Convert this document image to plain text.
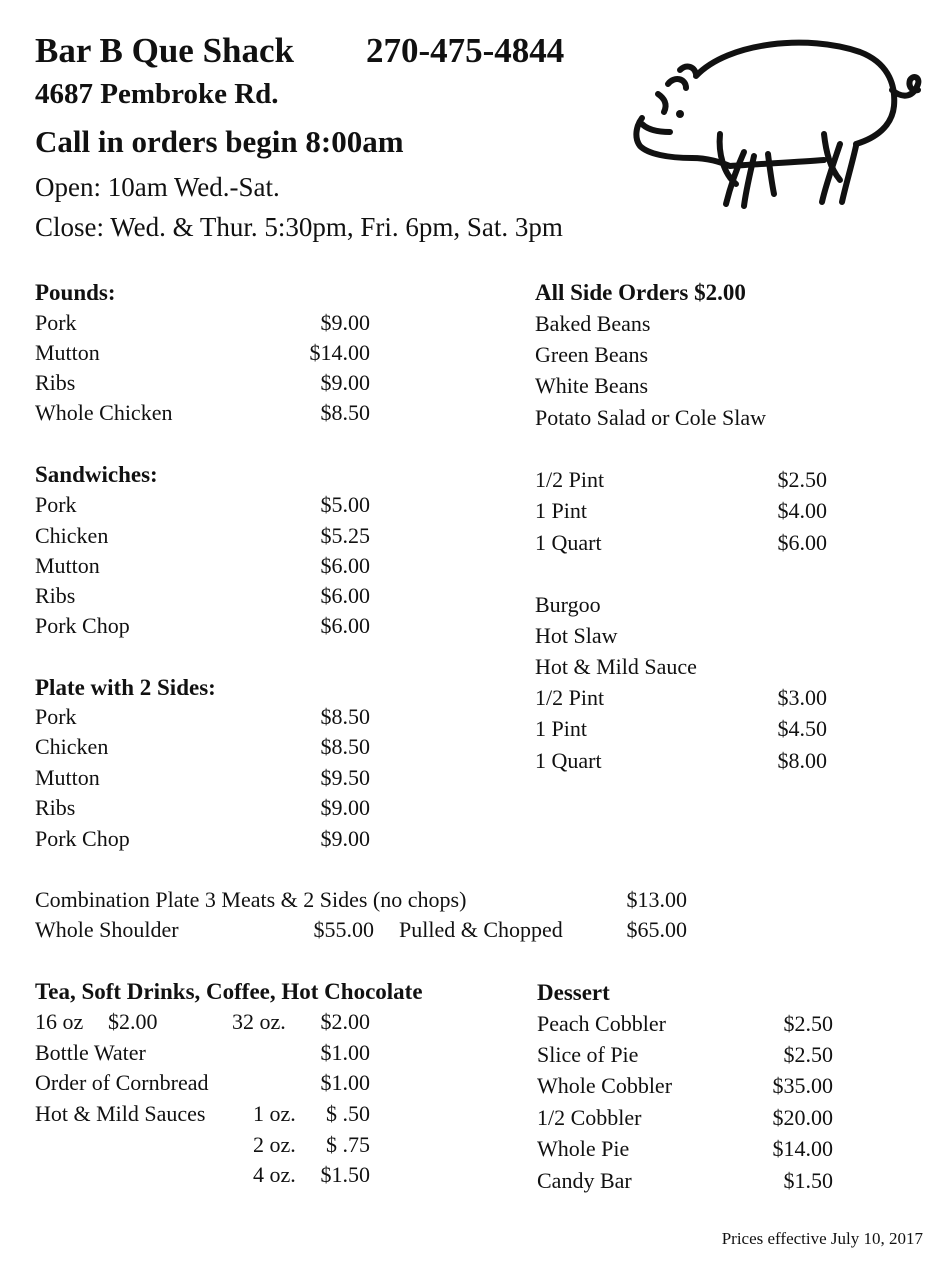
Bar B Que Shack 270-475-4844
4687 Pembroke Rd.
Call in orders begin 8:00am
Open: 10am Wed.-Sat.
Close: Wed. & Thur. 5:30pm, Fri. 6pm, Sat. 3pm
Pounds:
Pork	$9.00
Mutton	$14.00
Ribs	$9.00
Whole Chicken	$8.50
Sandwiches:
Pork	$5.00
Chicken	$5.25
Mutton	$6.00
Ribs	$6.00
Pork Chop	$6.00
Plate with 2 Sides:
Pork	$8.50
Chicken	$8.50
Mutton	$9.50
Ribs	$9.00
Pork Chop	$9.00
All Side Orders $2.00
Baked Beans
Green Beans
White Beans
Potato Salad or Cole Slaw
1/2 Pint	$2.50
1 Pint	$4.00
1 Quart	$6.00
Burgoo
Hot Slaw
Hot & Mild Sauce
1/2 Pint	$3.00
1 Pint	$4.50
1 Quart	$8.00
Combination Plate 3 Meats & 2 Sides (no chops)	$13.00
Whole Shoulder	$55.00 Pulled & Chopped	$65.00
Tea, Soft Drinks, Coffee, Hot Chocolate
16 oz $2.00	32 oz. $2.00
Bottle Water	$1.00
Order of Cornbread	$1.00
Hot & Mild Sauces 1 oz. $ .50
2 oz. $ .75
4 oz. $1.50
Dessert
Peach Cobbler	$2.50
Slice of Pie	$2.50
Whole Cobbler	$35.00
1/2 Cobbler	$20.00
Whole Pie	$14.00
Candy Bar	$1.50
Prices effective July 10, 2017
